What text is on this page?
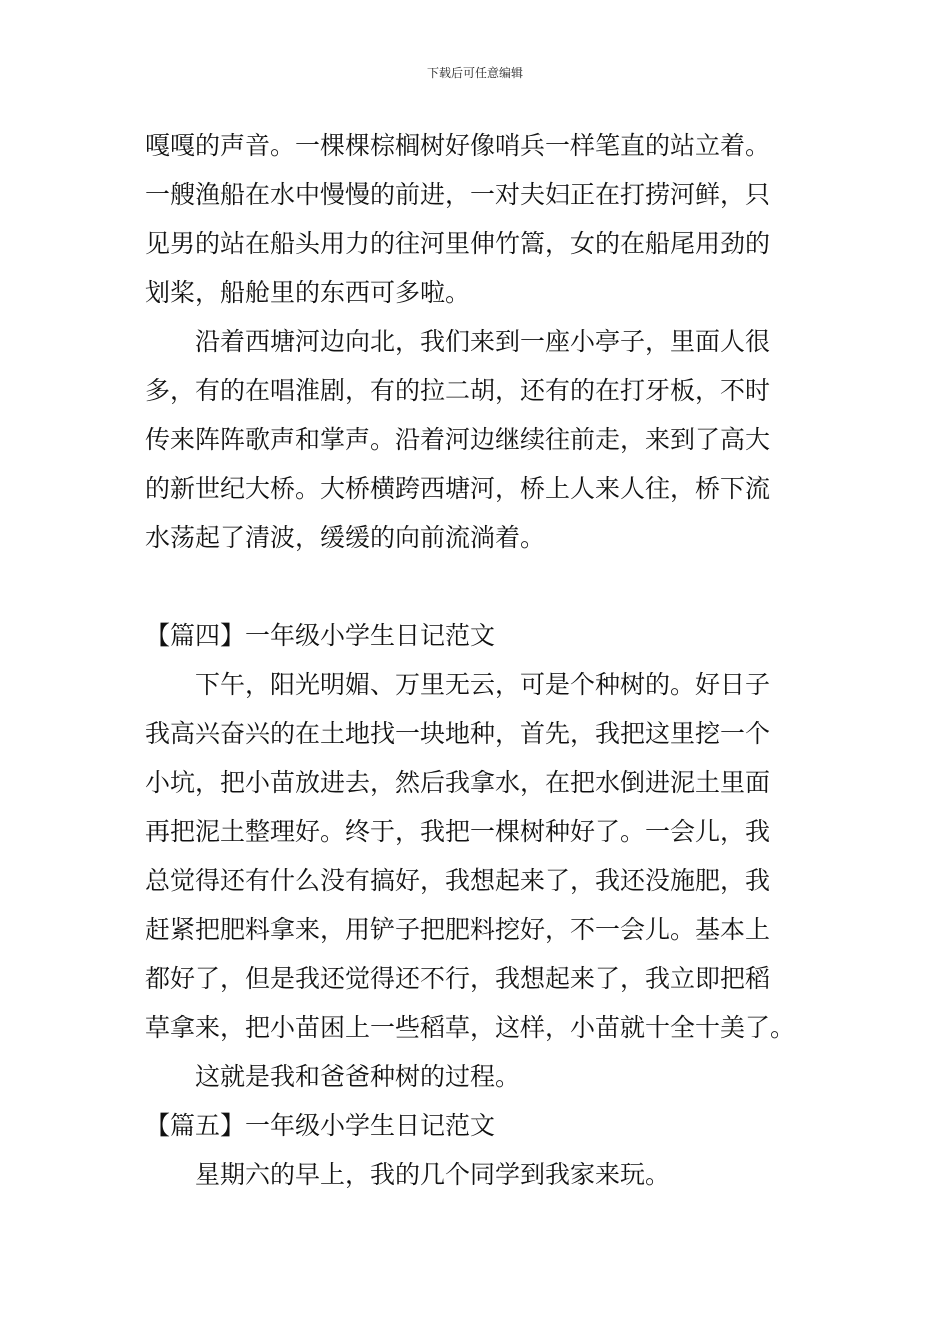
下载后可任意编辑
嘎嘎的声音。一棵棵棕榈树好像哨兵一样笔直的站立着。
一艘渔船在水中慢慢的前进，一对夫妇正在打捞河鲜，只
见男的站在船头用力的往河里伸竹篙，女的在船尾用劲的
划桨，船舱里的东西可多啦。
沿着西塘河边向北，我们来到一座小亭子，里面人很
多，有的在唱淮剧，有的拉二胡，还有的在打牙板，不时
传来阵阵歌声和掌声。沿着河边继续往前走，来到了高大
的新世纪大桥。大桥横跨西塘河，桥上人来人往，桥下流
水荡起了清波，缓缓的向前流淌着。
【篇四】一年级小学生日记范文
下午，阳光明媚、万里无云，可是个种树的。好日子
我高兴奋兴的在土地找一块地种，首先，我把这里挖一个
小坑，把小苗放进去，然后我拿水，在把水倒进泥土里面
再把泥土整理好。终于，我把一棵树种好了。一会儿，我
总觉得还有什么没有搞好，我想起来了，我还没施肥，我
赶紧把肥料拿来，用铲子把肥料挖好，不一会儿。基本上
都好了，但是我还觉得还不行，我想起来了，我立即把稻
草拿来，把小苗困上一些稻草，这样，小苗就十全十美了。
这就是我和爸爸种树的过程。
【篇五】一年级小学生日记范文
星期六的早上，我的几个同学到我家来玩。
